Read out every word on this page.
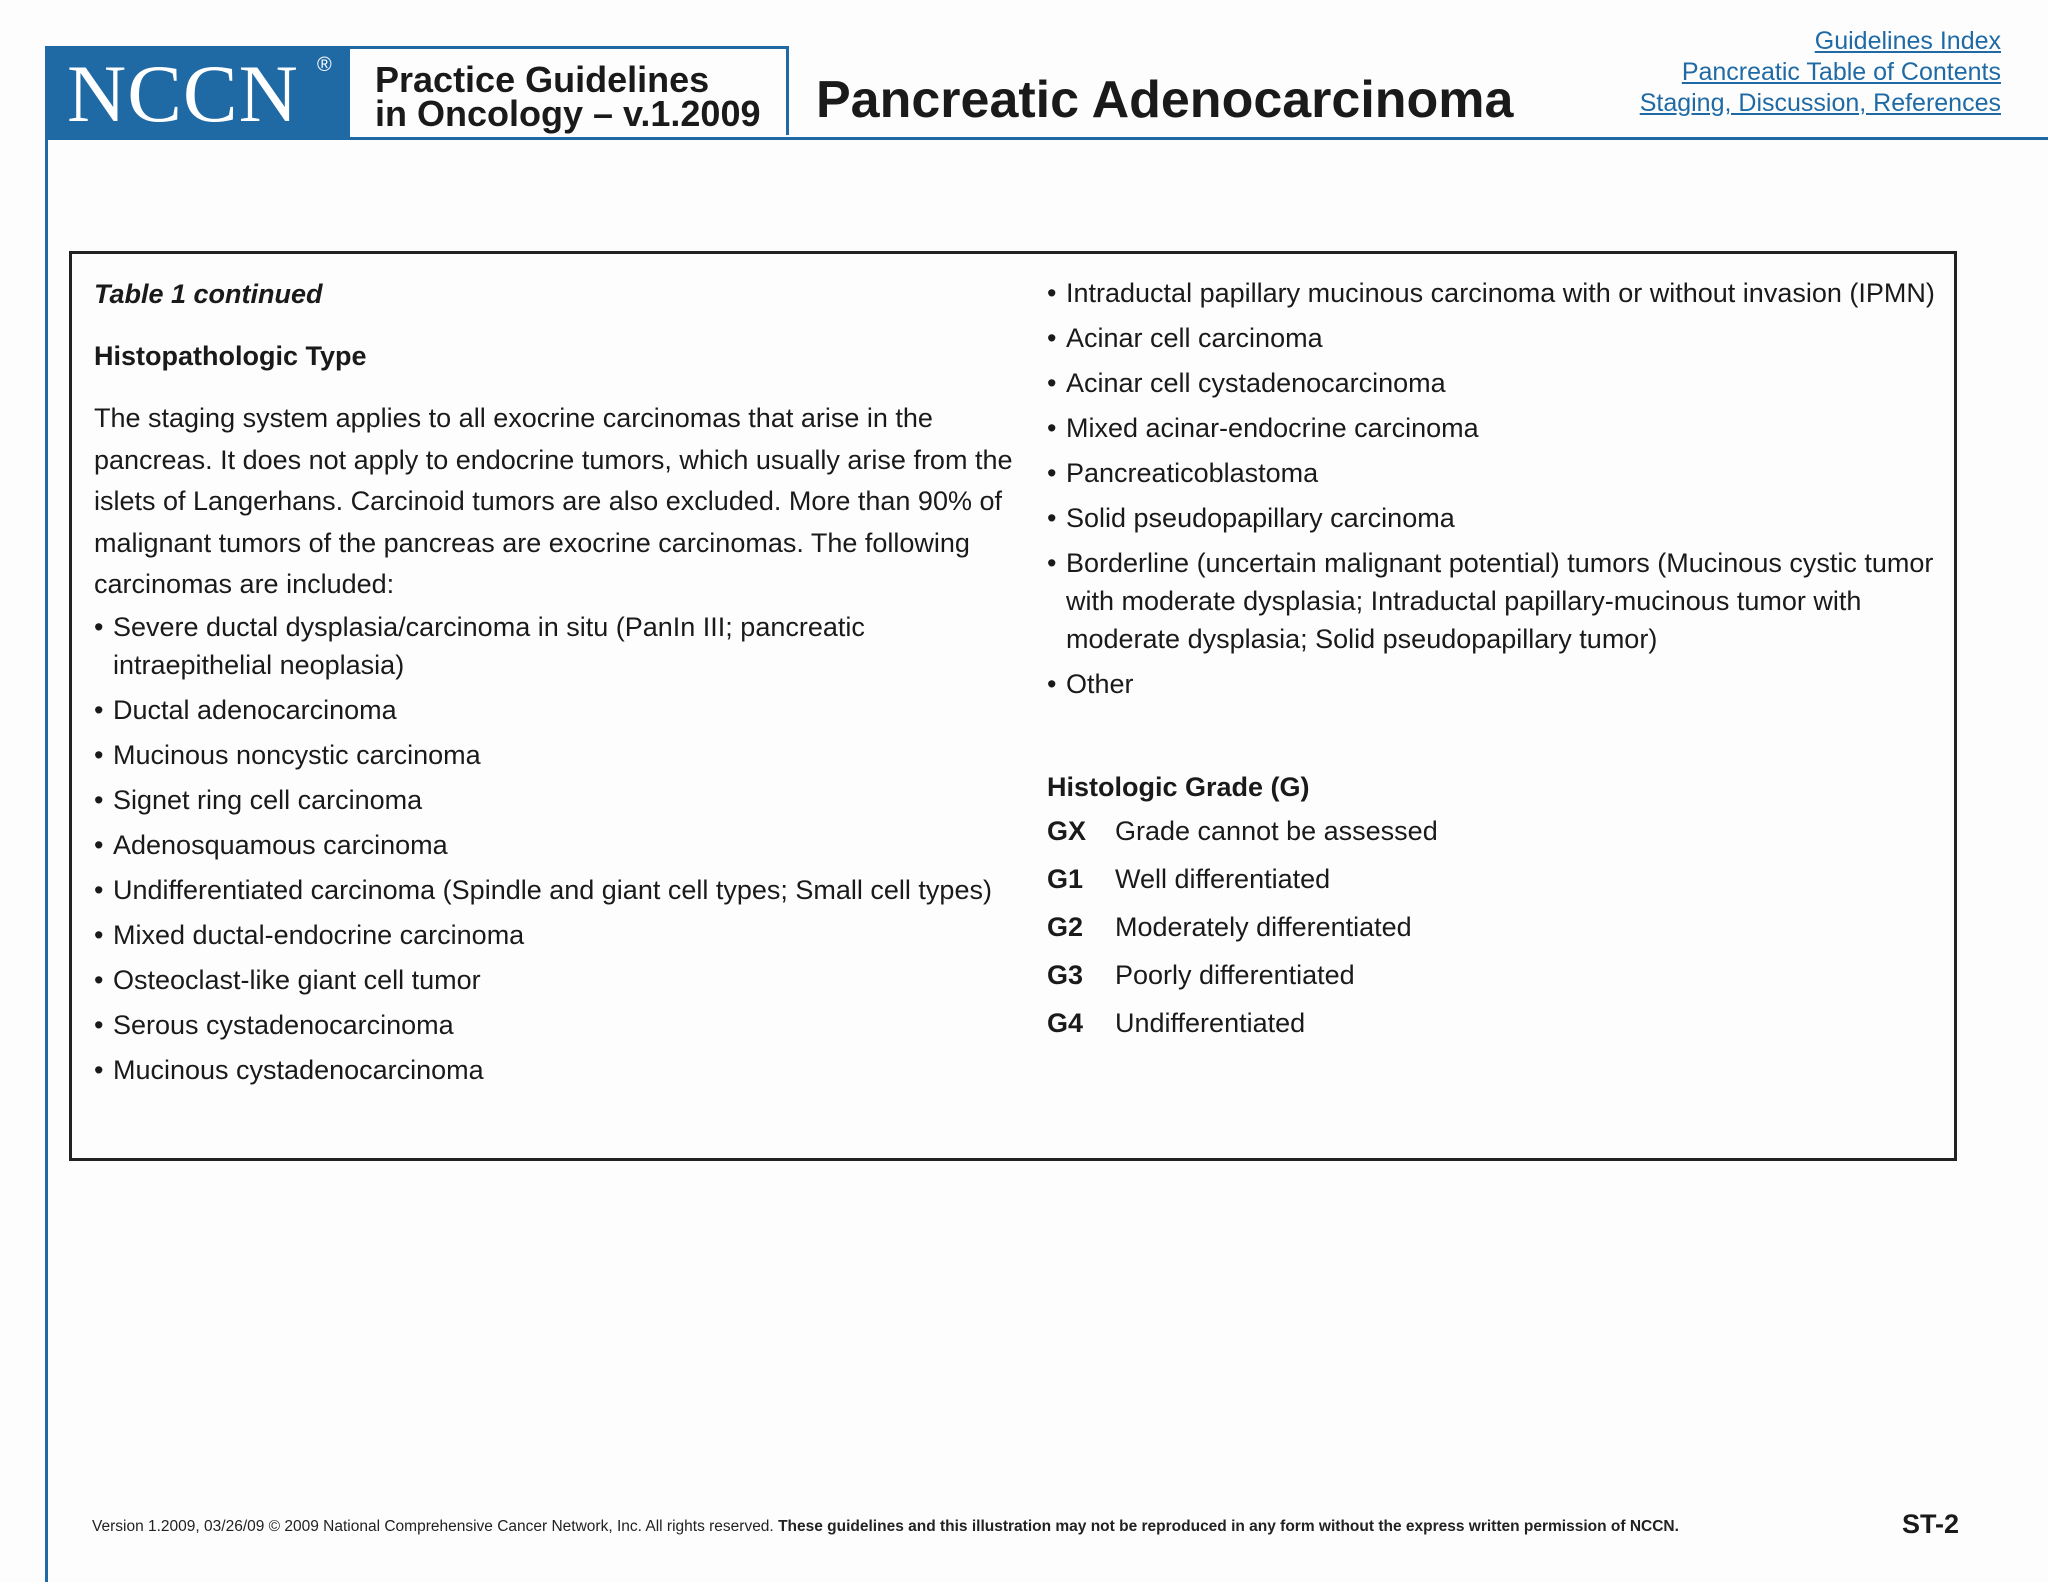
NCCN ® Practice Guidelines
in Oncology – v.1.2009 Pancreatic Adenocarcinoma
Guidelines Index
Pancreatic Table of Contents
Staging, Discussion, References

Table 1 continued

Histopathologic Type

The staging system applies to all exocrine carcinomas that arise in the pancreas. It does not apply to endocrine tumors, which usually arise from the islets of Langerhans. Carcinoid tumors are also excluded. More than 90% of malignant tumors of the pancreas are exocrine carcinomas. The following carcinomas are included:

• Severe ductal dysplasia/carcinoma in situ (PanIn III; pancreatic intraepithelial neoplasia)
• Ductal adenocarcinoma
• Mucinous noncystic carcinoma
• Signet ring cell carcinoma
• Adenosquamous carcinoma
• Undifferentiated carcinoma (Spindle and giant cell types; Small cell types)
• Mixed ductal-endocrine carcinoma
• Osteoclast-like giant cell tumor
• Serous cystadenocarcinoma
• Mucinous cystadenocarcinoma
• Intraductal papillary mucinous carcinoma with or without invasion (IPMN)
• Acinar cell carcinoma
• Acinar cell cystadenocarcinoma
• Mixed acinar-endocrine carcinoma
• Pancreaticoblastoma
• Solid pseudopapillary carcinoma
• Borderline (uncertain malignant potential) tumors (Mucinous cystic tumor with moderate dysplasia; Intraductal papillary-mucinous tumor with moderate dysplasia; Solid pseudopapillary tumor)
• Other

Histologic Grade (G)

GX	Grade cannot be assessed
G1	Well differentiated
G2	Moderately differentiated
G3	Poorly differentiated
G4	Undifferentiated
Version 1.2009, 03/26/09 © 2009 National Comprehensive Cancer Network, Inc. All rights reserved. These guidelines and this illustration may not be reproduced in any form without the express written permission of NCCN.	ST-2
